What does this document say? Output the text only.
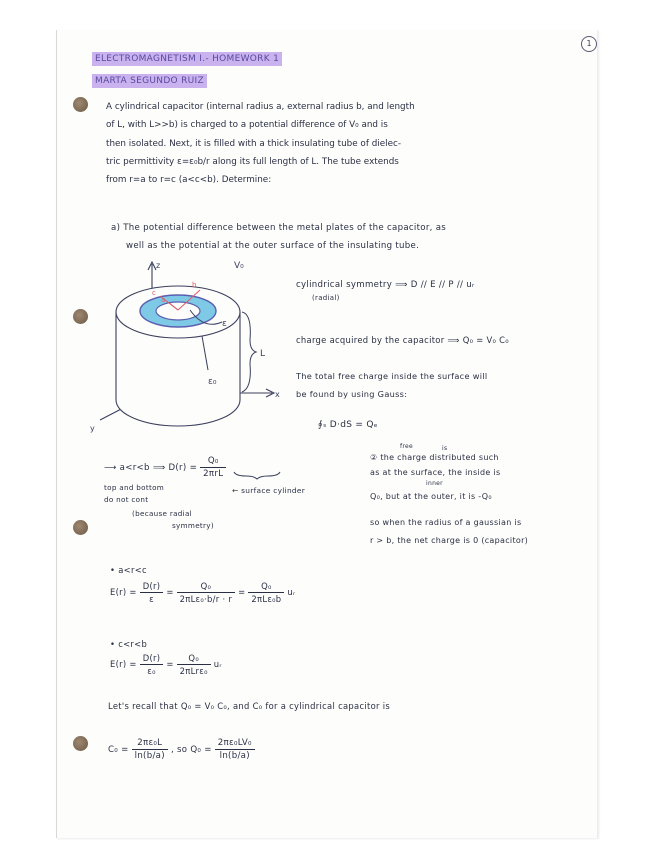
1
ELECTROMAGNETISM I.- HOMEWORK 1
MARTA SEGUNDO RUIZ
A cylindrical capacitor (internal radius a, external radius b, and length
of L, with L>>b) is charged to a potential difference of V₀ and is
then isolated. Next, it is filled with a thick insulating tube of dielec-
tric permittivity ε=ε₀b/r along its full length of L. The tube extends
from r=a to r=c (a<c<b). Determine:
a) The potential difference between the metal plates of the capacitor, as
well as the potential at the outer surface of the insulating tube.
a
c
b
ε
ε₀
L
V₀
z
x
y
cylindrical symmetry ⟹ D // E // P // uᵣ
(radial)
charge acquired by the capacitor ⟹ Q₀ = V₀ C₀
The total free charge inside the surface will
be found by using Gauss:
∮ₛ D·dS = Qₑ
⟶ a<r<b ⟹ $D(r) = \frac{\text{Q₀}}{\text{2πrL}}$
← surface cylinder
top and bottom
do not cont
(because radial
symmetry)
free	is
② the charge distributed such
as at the surface, the inside is
inner
Q₀, but at the outer, it is -Q₀
so when the radius of a gaussian is
r > b, the net charge is 0 (capacitor)
• a<r<c
$E(r) = \frac{D(r)}{\varepsilon} = \frac{\text{Q₀}}{\text{2πLε₀·b/r · r}} = \frac{\text{Q₀}}{\text{2πLε₀b}}$ uᵣ
• c<r<b
$E(r) = \frac{D(r)}{\text{ε₀}} = \frac{\text{Q₀}}{\text{2πLrε₀}}$ uᵣ
Let's recall that Q₀ = V₀ C₀, and C₀ for a cylindrical capacitor is
$C_0 = \frac{\text{2πε₀L}}{\ln(b/a)}$ , so $Q_0 = \frac{\text{2πε₀LV₀}}{\ln(b/a)}$
